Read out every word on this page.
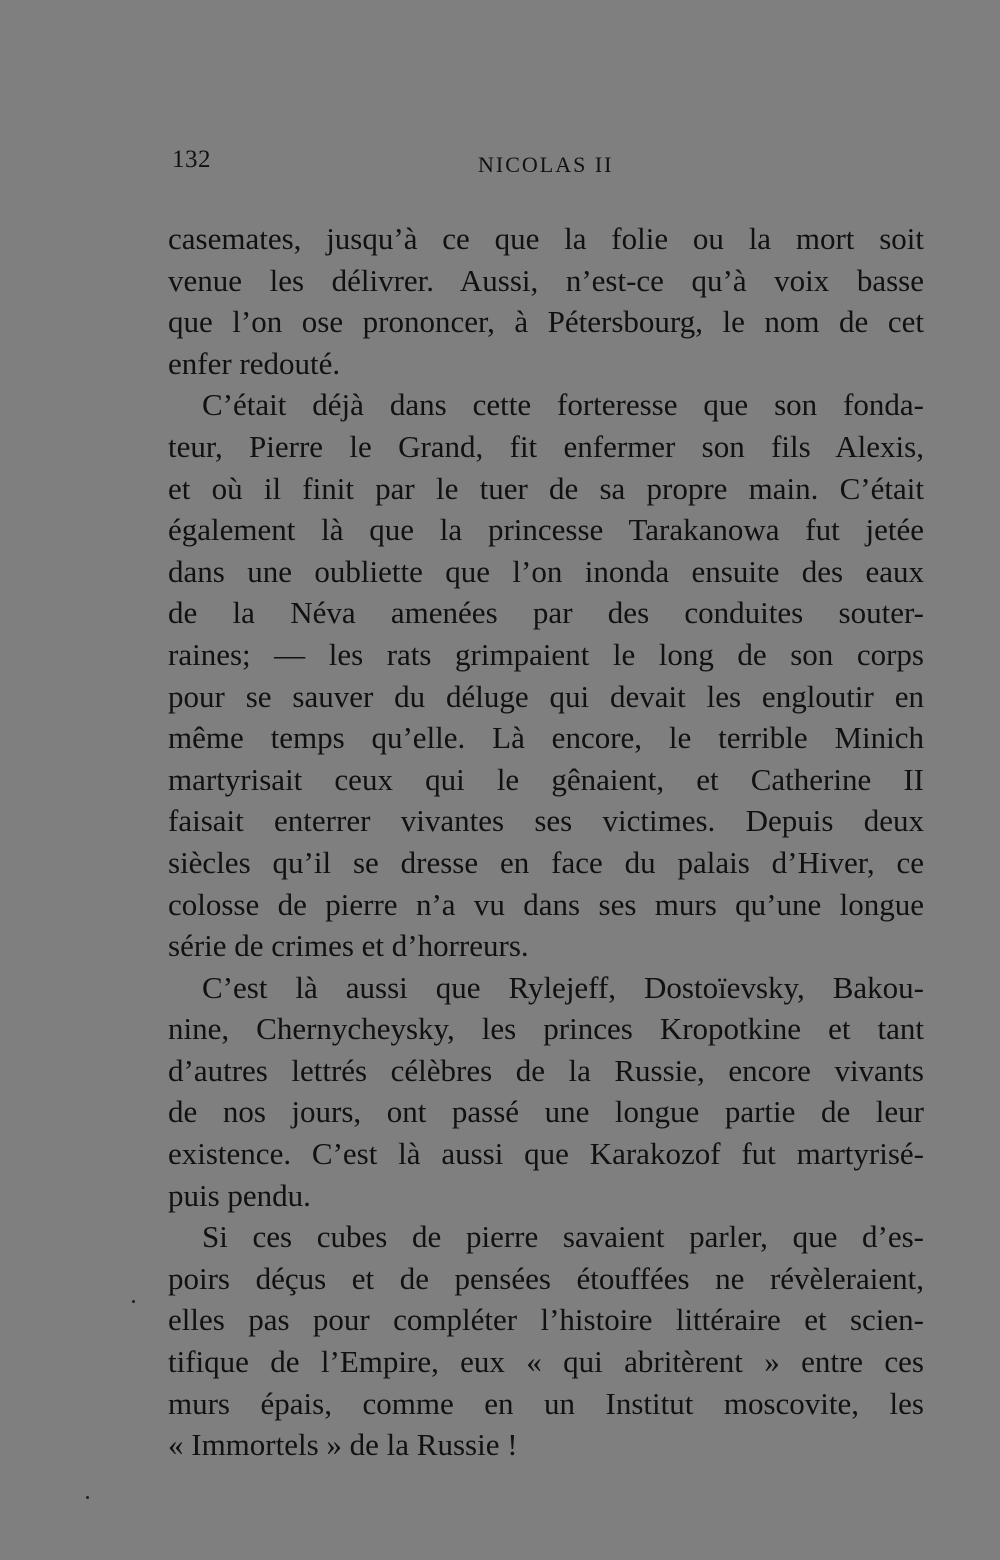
132	NICOLAS II
casemates, jusqu’à ce que la folie ou la mort soit
venue les délivrer. Aussi, n’est-ce qu’à voix basse
que l’on ose prononcer, à Pétersbourg, le nom de cet
enfer redouté.
C’était déjà dans cette forteresse que son fonda-
teur, Pierre le Grand, fit enfermer son fils Alexis,
et où il finit par le tuer de sa propre main. C’était
également là que la princesse Tarakanowa fut jetée
dans une oubliette que l’on inonda ensuite des eaux
de la Néva amenées par des conduites souter-
raines; — les rats grimpaient le long de son corps
pour se sauver du déluge qui devait les engloutir en
même temps qu’elle. Là encore, le terrible Minich
martyrisait ceux qui le gênaient, et Catherine II
faisait enterrer vivantes ses victimes. Depuis deux
siècles qu’il se dresse en face du palais d’Hiver, ce
colosse de pierre n’a vu dans ses murs qu’une longue
série de crimes et d’horreurs.
C’est là aussi que Rylejeff, Dostoïevsky, Bakou-
nine, Chernycheysky, les princes Kropotkine et tant
d’autres lettrés célèbres de la Russie, encore vivants
de nos jours, ont passé une longue partie de leur
existence. C’est là aussi que Karakozof fut martyrisé-
puis pendu.
Si ces cubes de pierre savaient parler, que d’es-
poirs déçus et de pensées étouffées ne révèleraient,
elles pas pour compléter l’histoire littéraire et scien-
tifique de l’Empire, eux « qui abritèrent » entre ces
murs épais, comme en un Institut moscovite, les
« Immortels » de la Russie !
